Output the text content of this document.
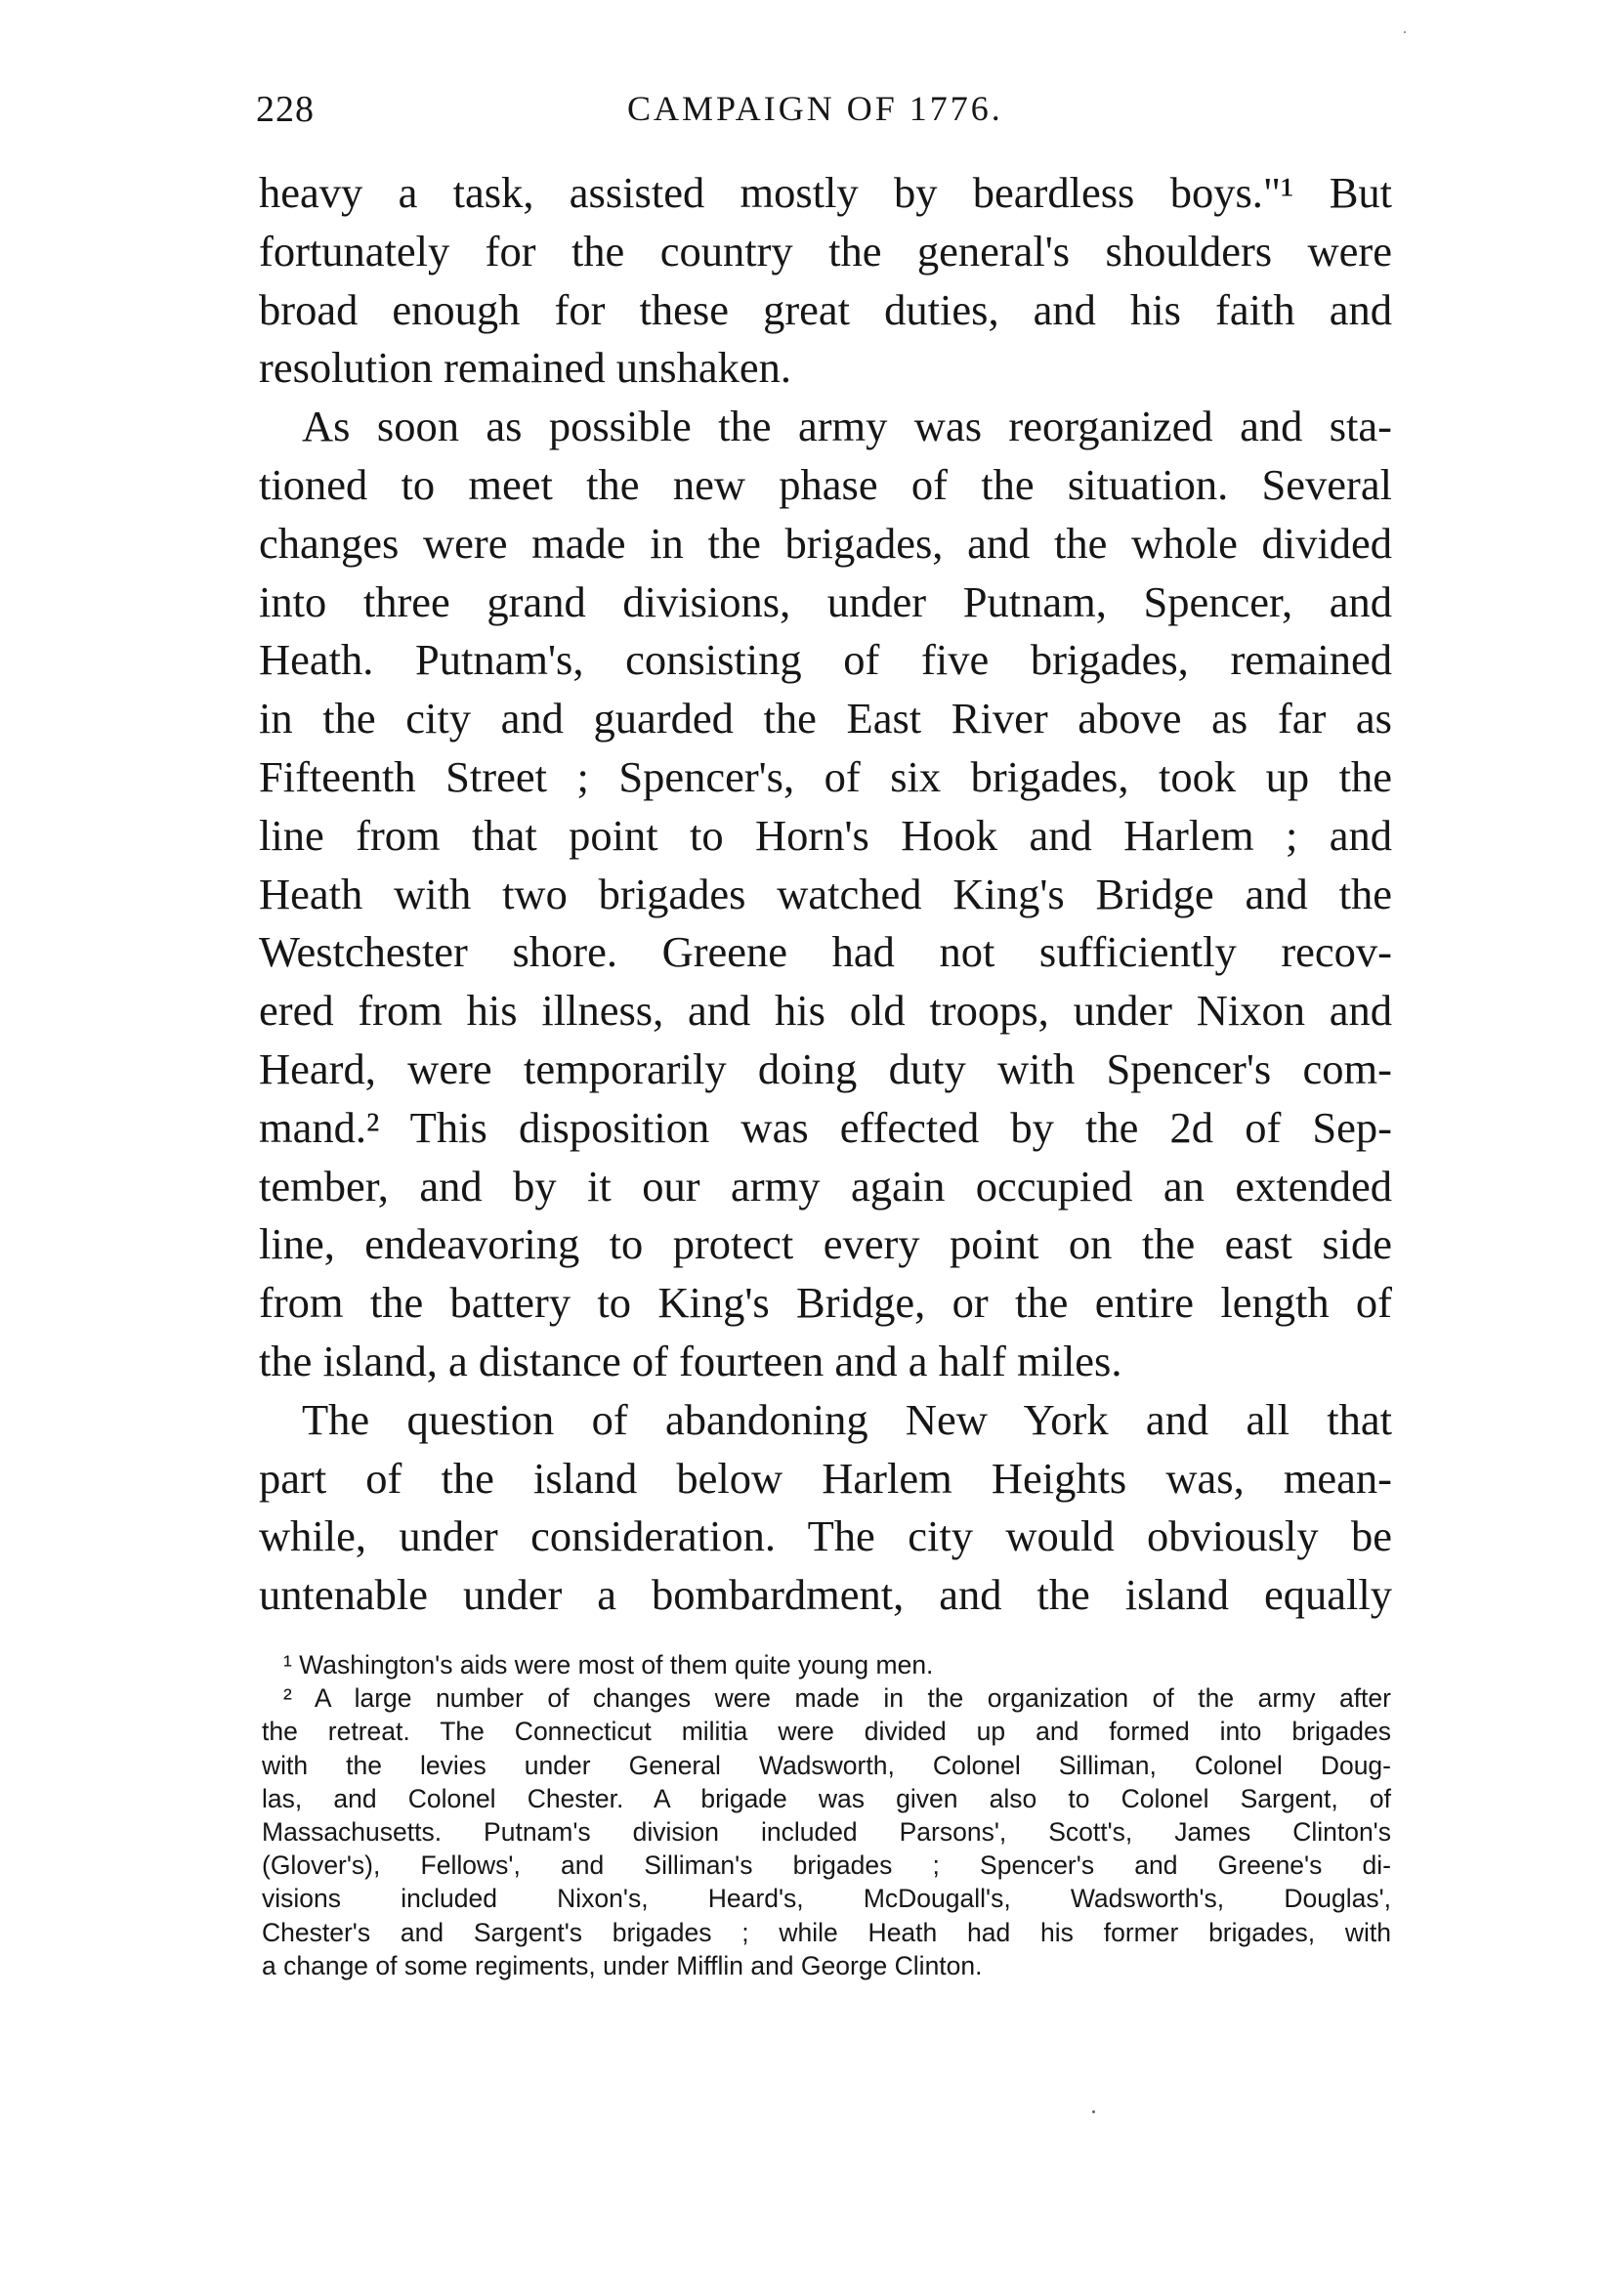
228	CAMPAIGN OF 1776.

heavy a task, assisted mostly by beardless boys."¹ But
fortunately for the country the general's shoulders were
broad enough for these great duties, and his faith and
resolution remained unshaken.

As soon as possible the army was reorganized and sta-
tioned to meet the new phase of the situation. Several
changes were made in the brigades, and the whole divided
into three grand divisions, under Putnam, Spencer, and
Heath. Putnam's, consisting of five brigades, remained
in the city and guarded the East River above as far as
Fifteenth Street ; Spencer's, of six brigades, took up the
line from that point to Horn's Hook and Harlem ; and
Heath with two brigades watched King's Bridge and the
Westchester shore. Greene had not sufficiently recov-
ered from his illness, and his old troops, under Nixon and
Heard, were temporarily doing duty with Spencer's com-
mand.² This disposition was effected by the 2d of Sep-
tember, and by it our army again occupied an extended
line, endeavoring to protect every point on the east side
from the battery to King's Bridge, or the entire length of
the island, a distance of fourteen and a half miles.

The question of abandoning New York and all that
part of the island below Harlem Heights was, mean-
while, under consideration. The city would obviously be
untenable under a bombardment, and the island equally

¹ Washington's aids were most of them quite young men.
² A large number of changes were made in the organization of the army after
the retreat. The Connecticut militia were divided up and formed into brigades
with the levies under General Wadsworth, Colonel Silliman, Colonel Doug-
las, and Colonel Chester. A brigade was given also to Colonel Sargent, of
Massachusetts. Putnam's division included Parsons', Scott's, James Clinton's
(Glover's), Fellows', and Silliman's brigades ; Spencer's and Greene's di-
visions included Nixon's, Heard's, McDougall's, Wadsworth's, Douglas',
Chester's and Sargent's brigades ; while Heath had his former brigades, with
a change of some regiments, under Mifflin and George Clinton.
